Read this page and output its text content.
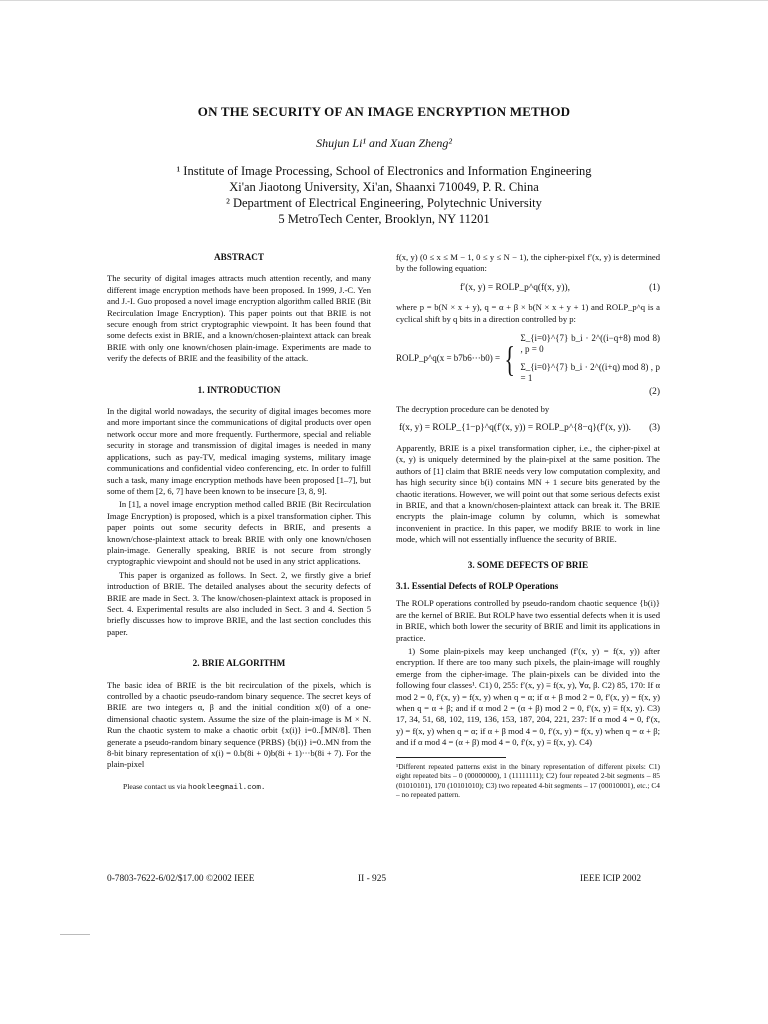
ON THE SECURITY OF AN IMAGE ENCRYPTION METHOD
Shujun Li¹ and Xuan Zheng²
¹ Institute of Image Processing, School of Electronics and Information Engineering
Xi'an Jiaotong University, Xi'an, Shaanxi 710049, P. R. China
² Department of Electrical Engineering, Polytechnic University
5 MetroTech Center, Brooklyn, NY 11201
ABSTRACT

The security of digital images attracts much attention recently, and many different image encryption methods have been proposed. In 1999, J.-C. Yen and J.-I. Guo proposed a novel image encryption algorithm called BRIE (Bit Recirculation Image Encryption). This paper points out that BRIE is not secure enough from strict cryptographic viewpoint. It has been found that some defects exist in BRIE, and a known/chosen-plaintext attack can break BRIE with only one known/chosen plain-image. Experiments are made to verify the defects of BRIE and the feasibility of the attack.

1. INTRODUCTION

In the digital world nowadays, the security of digital images becomes more and more important since the communications of digital products over open network occur more and more frequently. Furthermore, special and reliable security in storage and transmission of digital images is needed in many applications, such as pay-TV, medical imaging systems, military image communications and confidential video conferencing, etc. In order to fulfill such a task, many image encryption methods have been proposed [1–7], but some of them [2, 6, 7] have been known to be insecure [3, 8, 9].

In [1], a novel image encryption method called BRIE (Bit Recirculation Image Encryption) is proposed, which is a pixel transformation cipher. This paper points out some security defects in BRIE, and presents a known/chose-plaintext attack to break BRIE with only one known/chosen plain-image. Generally speaking, BRIE is not secure from strongly cryptographic viewpoint and should not be used in any strict applications.

This paper is organized as follows. In Sect. 2, we firstly give a brief introduction of BRIE. The detailed analyses about the security defects of BRIE are made in Sect. 3. The know/chosen-plaintext attack is proposed in Sect. 4. Experimental results are also included in Sect. 3 and 4. Section 5 briefly discusses how to improve BRIE, and the last section concludes this paper.

2. BRIE ALGORITHM

The basic idea of BRIE is the bit recirculation of the pixels, which is controlled by a chaotic pseudo-random binary sequence. The secret keys of BRIE are two integers α, β and the initial condition x(0) of a one-dimensional chaotic system. Assume the size of the plain-image is M × N. Run the chaotic system to make a chaotic orbit {x(i)} i=0..⌈MN/8⌉. Then generate a pseudo-random binary sequence (PRBS) {b(i)} i=0..MN from the 8-bit binary representation of x(i) = 0.b(8i + 0)b(8i + 1)···b(8i + 7). For the plain-pixel

Please contact us via hookleegmail.com.

f(x, y) (0 ≤ x ≤ M − 1, 0 ≤ y ≤ N − 1), the cipher-pixel f′(x, y) is determined by the following equation:

f′(x, y) = ROLP_p^q(f(x, y)),	(1)

where p = b(N × x + y), q = α + β × b(N × x + y + 1) and ROLP_p^q is a cyclical shift by q bits in a direction controlled by p:

ROLP_p^q(x = b7b6···b0) = {
Σ_{i=0}^{7} b_i · 2^((i−q+8) mod 8) , p = 0
Σ_{i=0}^{7} b_i · 2^((i+q) mod 8) , p = 1
(2)

The decryption procedure can be denoted by

f(x, y) = ROLP_{1−p}^q(f′(x, y)) = ROLP_p^{8−q}(f′(x, y)).	(3)

Apparently, BRIE is a pixel transformation cipher, i.e., the cipher-pixel at (x, y) is uniquely determined by the plain-pixel at the same position. The authors of [1] claim that BRIE needs very low computation complexity, and has high security since b(i) contains MN + 1 secure bits generated by the chaotic iterations. However, we will point out that some serious defects exist in BRIE, and that a known/chosen-plaintext attack can break it. The BRIE encrypts the plain-image column by column, which is somewhat inconvenient in practice. In this paper, we modify BRIE to work in line mode, which will not essentially influence the security of BRIE.

3. SOME DEFECTS OF BRIE
3.1. Essential Defects of ROLP Operations

The ROLP operations controlled by pseudo-random chaotic sequence {b(i)} are the kernel of BRIE. But ROLP have two essential defects when it is used in BRIE, which both lower the security of BRIE and limit its applications in practice.

1) Some plain-pixels may keep unchanged (f′(x, y) = f(x, y)) after encryption. If there are too many such pixels, the plain-image will roughly emerge from the cipher-image. The plain-pixels can be divided into the following four classes¹. C1) 0, 255: f′(x, y) ≡ f(x, y), ∀α, β. C2) 85, 170: If α mod 2 = 0, f′(x, y) = f(x, y) when q = α; if α + β mod 2 = 0, f′(x, y) = f(x, y) when q = α + β; and if α mod 2 = (α + β) mod 2 = 0, f′(x, y) ≡ f(x, y). C3) 17, 34, 51, 68, 102, 119, 136, 153, 187, 204, 221, 237: If α mod 4 = 0, f′(x, y) = f(x, y) when q = α; if α + β mod 4 = 0, f′(x, y) = f(x, y) when q = α + β; and if α mod 4 = (α + β) mod 4 = 0, f′(x, y) ≡ f(x, y). C4)

¹Different repeated patterns exist in the binary representation of different pixels: C1) eight repeated bits – 0 (00000000), 1 (11111111); C2) four repeated 2-bit segments – 85 (01010101), 170 (10101010); C3) two repeated 4-bit segments – 17 (00010001), etc.; C4 – no repeated pattern.
0-7803-7622-6/02/$17.00 ©2002 IEEE	II - 925	IEEE ICIP 2002
